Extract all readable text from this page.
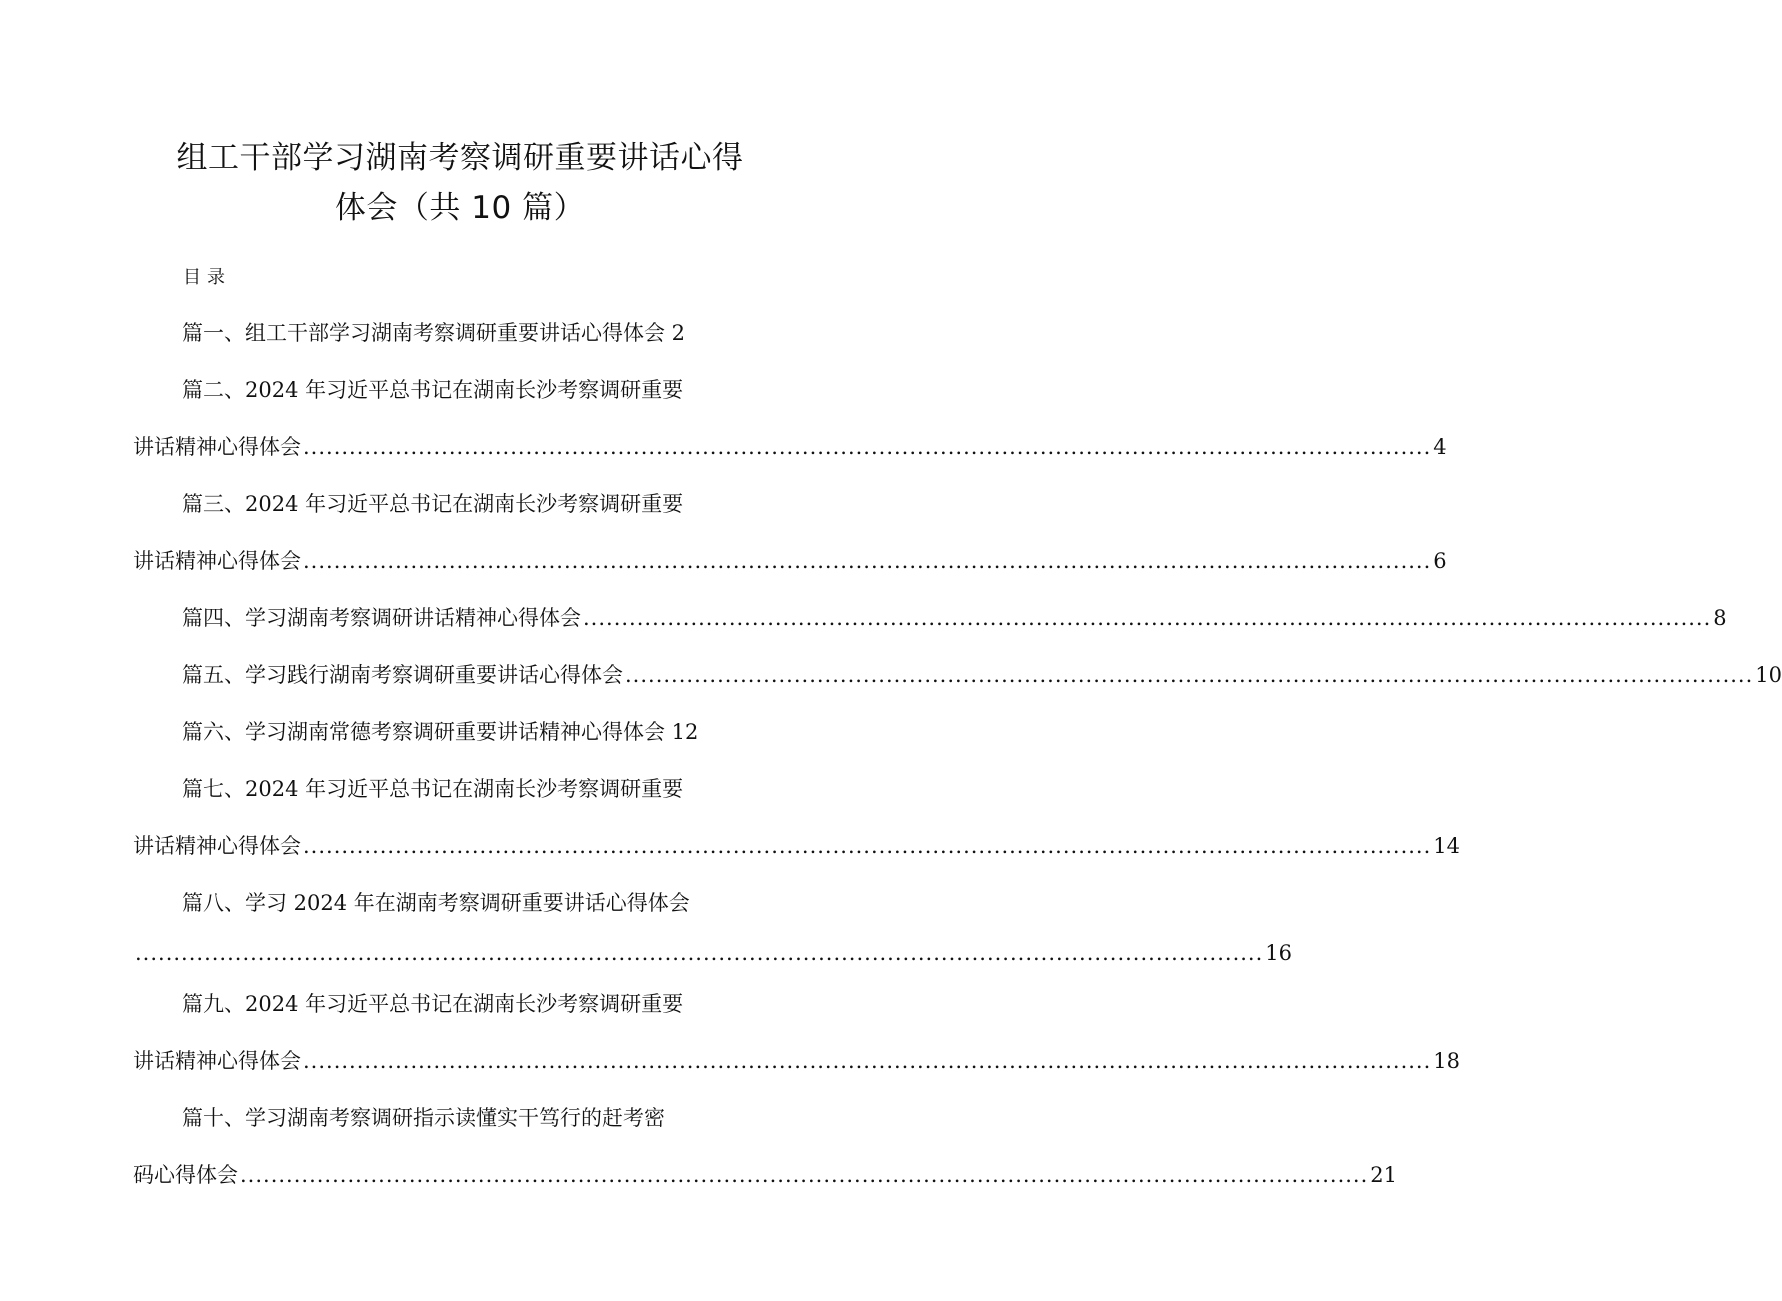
组工干部学习湖南考察调研重要讲话心得
体会（共 10 篇）
目录
篇一、组工干部学习湖南考察调研重要讲话心得体会 2
篇二、2024 年习近平总书记在湖南长沙考察调研重要
讲话精神心得体会 ................................................................................................................................................... 4
篇三、2024 年习近平总书记在湖南长沙考察调研重要
讲话精神心得体会 ................................................................................................................................................... 6
篇四、学习湖南考察调研讲话精神心得体会 ................................................................................................................................................... 8
篇五、学习践行湖南考察调研重要讲话心得体会 ................................................................................................................................................... 10
篇六、学习湖南常德考察调研重要讲话精神心得体会 12
篇七、2024 年习近平总书记在湖南长沙考察调研重要
讲话精神心得体会 ................................................................................................................................................... 14
篇八、学习 2024 年在湖南考察调研重要讲话心得体会
................................................................................................................................................... 16
篇九、2024 年习近平总书记在湖南长沙考察调研重要
讲话精神心得体会 ................................................................................................................................................... 18
篇十、学习湖南考察调研指示读懂实干笃行的赶考密
码心得体会 ................................................................................................................................................... 21
